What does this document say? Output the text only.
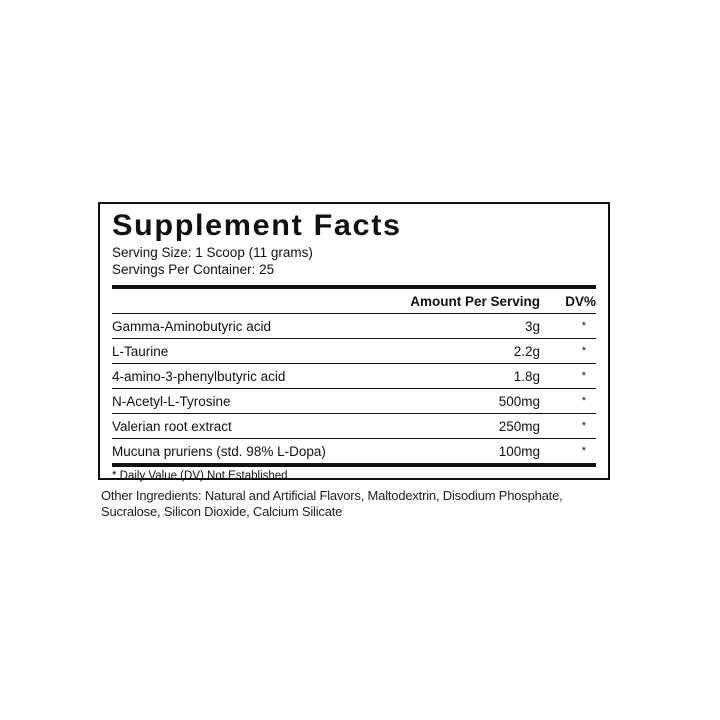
Supplement Facts
Serving Size: 1 Scoop (11 grams)
Servings Per Container: 25
Amount Per Serving	DV%
Gamma-Aminobutyric acid	3g	*
L-Taurine	2.2g	*
4-amino-3-phenylbutyric acid	1.8g	*
N-Acetyl-L-Tyrosine	500mg	*
Valerian root extract	250mg	*
Mucuna pruriens (std. 98% L-Dopa)	100mg	*
* Daily Value (DV) Not Established
Other Ingredients: Natural and Artificial Flavors, Maltodextrin, Disodium Phosphate, Sucralose, Silicon Dioxide, Calcium Silicate
